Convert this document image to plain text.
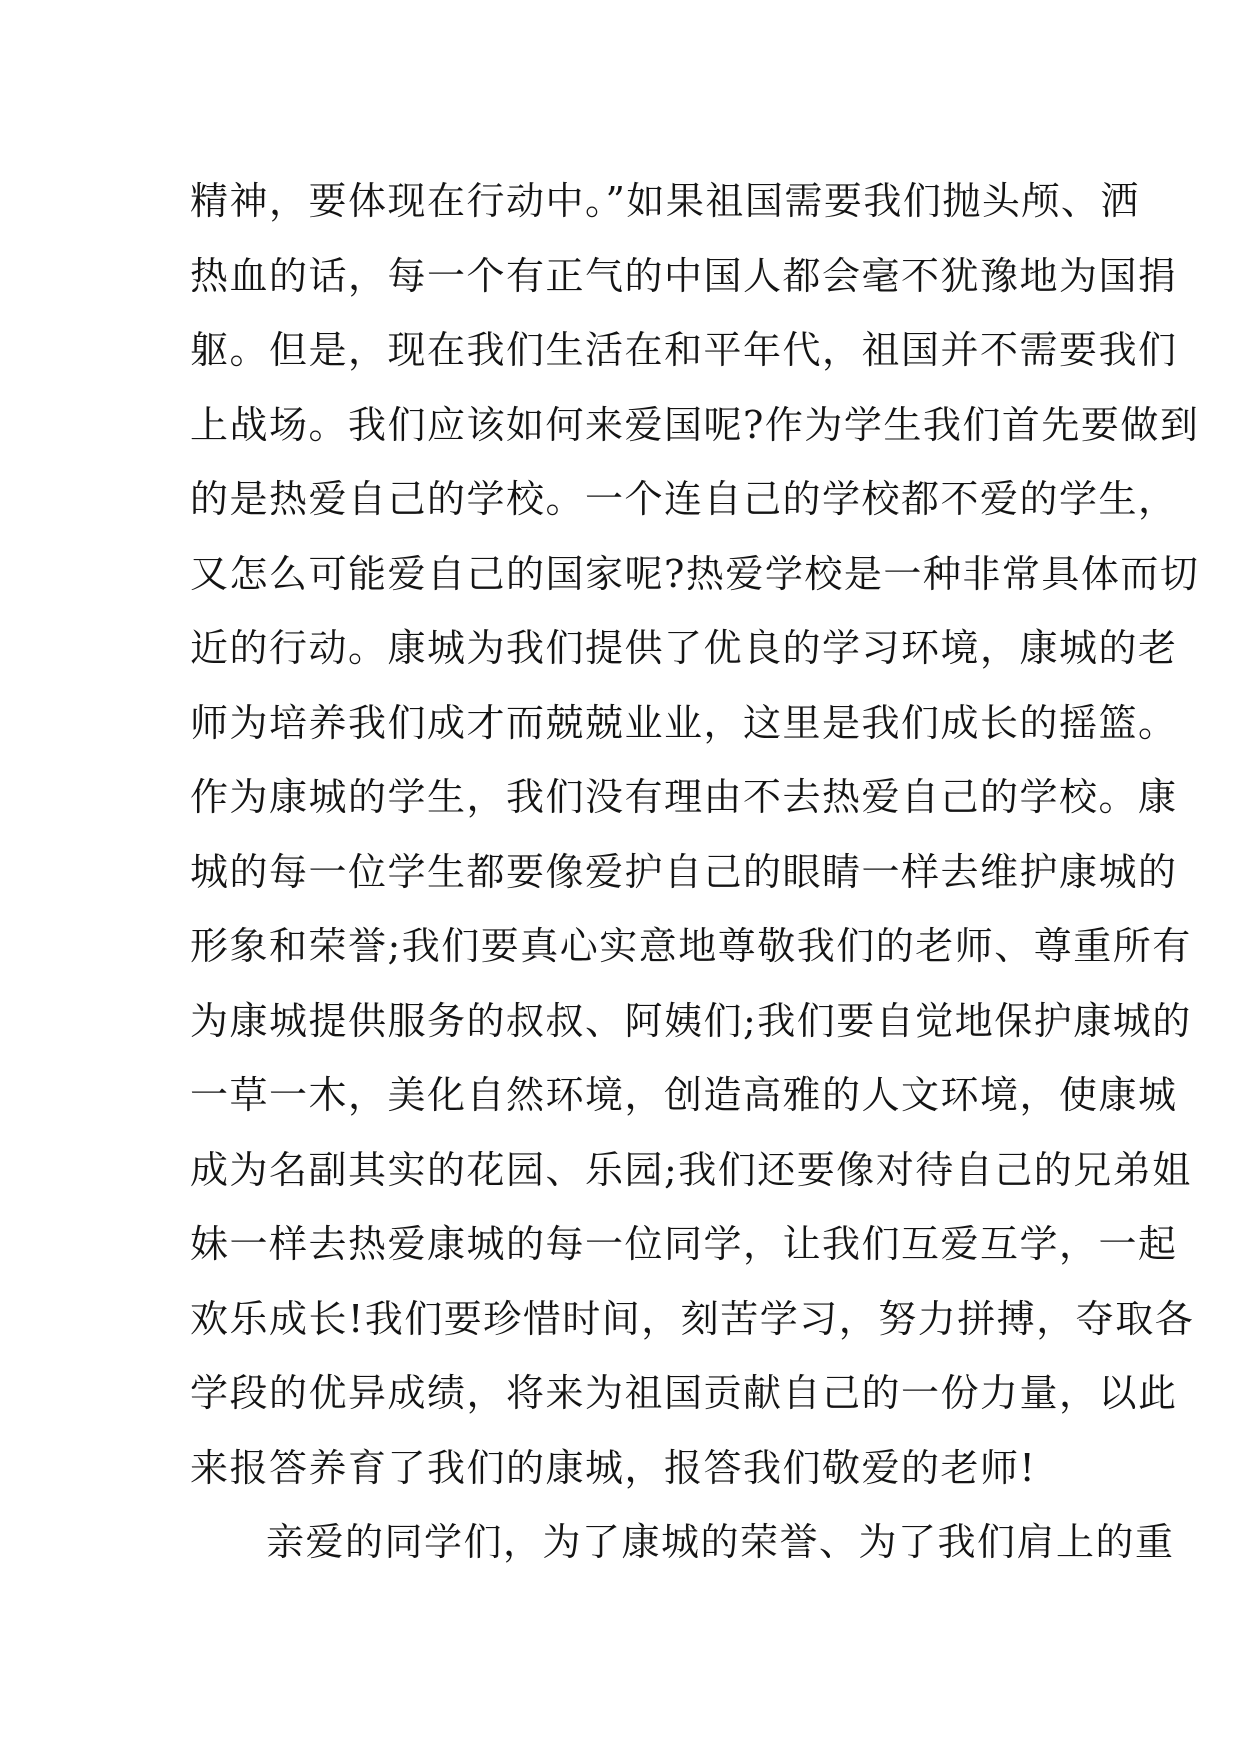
精神，要体现在行动中。”如果祖国需要我们抛头颅、洒
热血的话，每一个有正气的中国人都会毫不犹豫地为国捐
躯。但是，现在我们生活在和平年代，祖国并不需要我们
上战场。我们应该如何来爱国呢?作为学生我们首先要做到
的是热爱自己的学校。一个连自己的学校都不爱的学生，
又怎么可能爱自己的国家呢?热爱学校是一种非常具体而切
近的行动。康城为我们提供了优良的学习环境，康城的老
师为培养我们成才而兢兢业业，这里是我们成长的摇篮。
作为康城的学生，我们没有理由不去热爱自己的学校。康
城的每一位学生都要像爱护自己的眼睛一样去维护康城的
形象和荣誉;我们要真心实意地尊敬我们的老师、尊重所有
为康城提供服务的叔叔、阿姨们;我们要自觉地保护康城的
一草一木，美化自然环境，创造高雅的人文环境，使康城
成为名副其实的花园、乐园;我们还要像对待自己的兄弟姐
妹一样去热爱康城的每一位同学，让我们互爱互学，一起
欢乐成长!我们要珍惜时间，刻苦学习，努力拼搏，夺取各
学段的优异成绩，将来为祖国贡献自己的一份力量，以此
来报答养育了我们的康城，报答我们敬爱的老师!
亲爱的同学们，为了康城的荣誉、为了我们肩上的重
